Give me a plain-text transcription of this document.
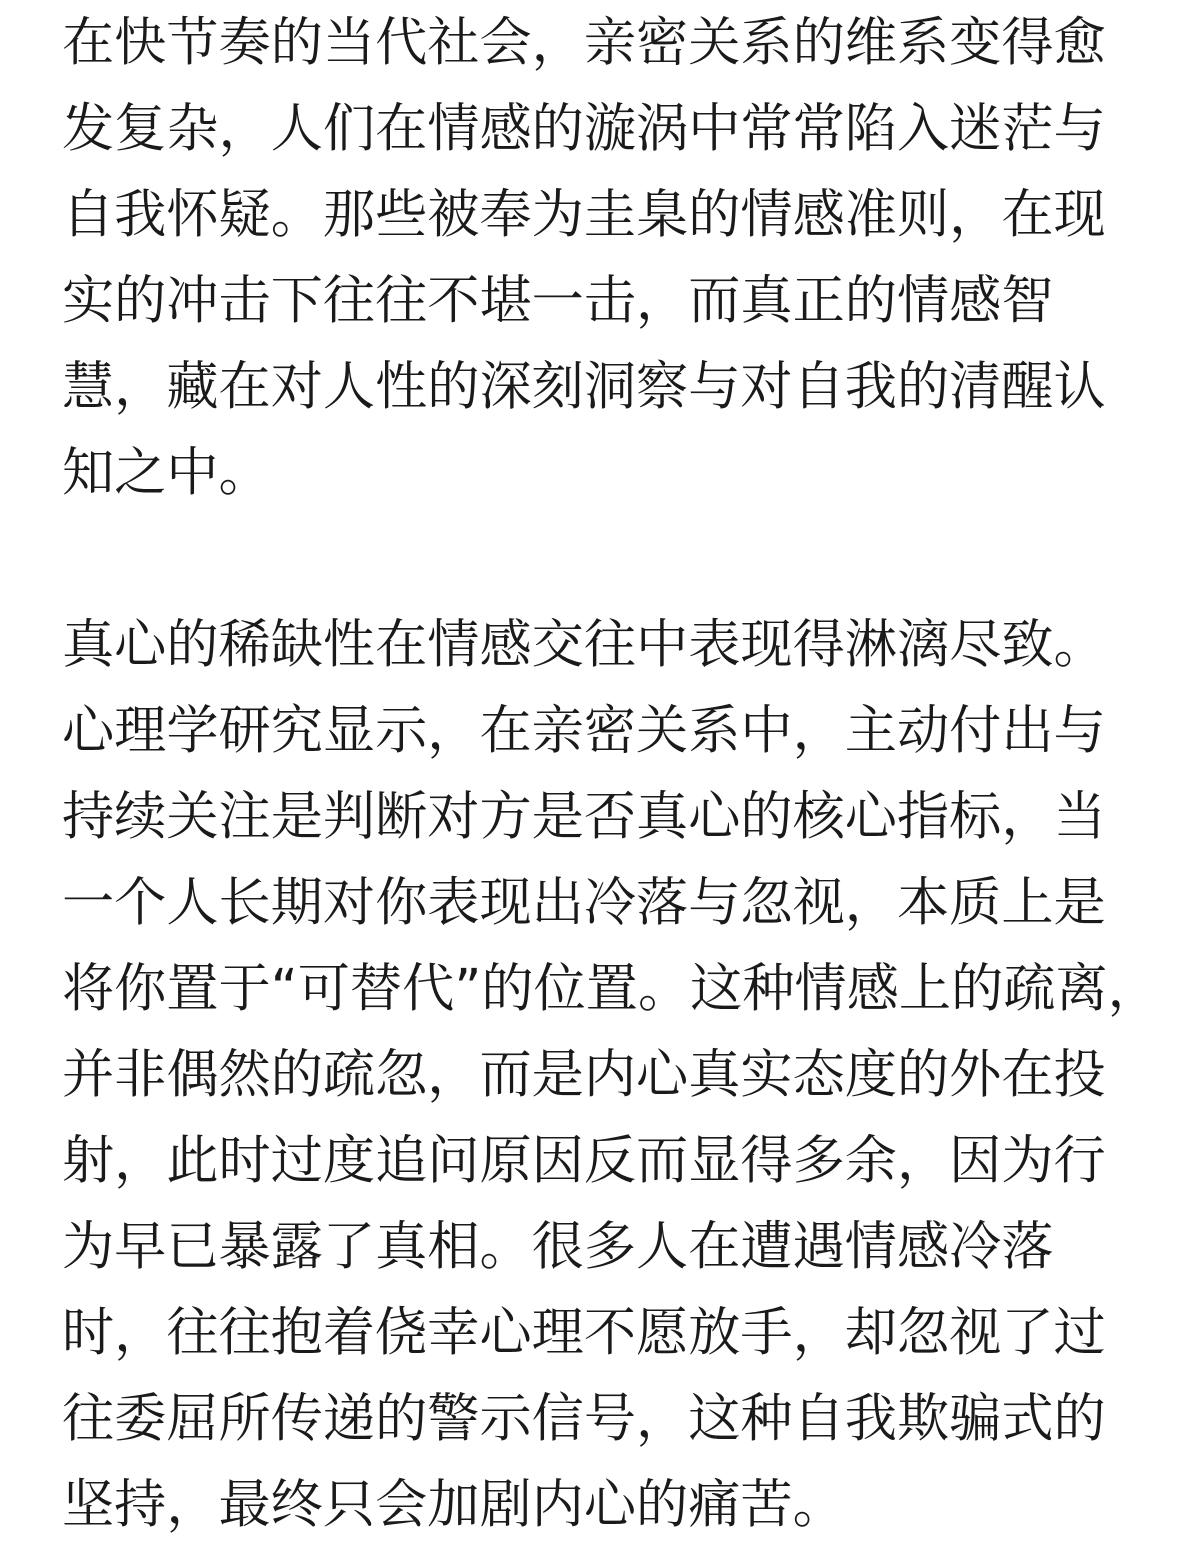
在快节奏的当代社会，亲密关系的维系变得愈
发复杂，人们在情感的漩涡中常常陷入迷茫与
自我怀疑。那些被奉为圭臬的情感准则，在现
实的冲击下往往不堪一击，而真正的情感智
慧，藏在对人性的深刻洞察与对自我的清醒认
知之中。
真心的稀缺性在情感交往中表现得淋漓尽致。
心理学研究显示，在亲密关系中，主动付出与
持续关注是判断对方是否真心的核心指标，当
一个人长期对你表现出冷落与忽视，本质上是
将你置于“可替代”的位置。这种情感上的疏离，
并非偶然的疏忽，而是内心真实态度的外在投
射，此时过度追问原因反而显得多余，因为行
为早已暴露了真相。很多人在遭遇情感冷落
时，往往抱着侥幸心理不愿放手，却忽视了过
往委屈所传递的警示信号，这种自我欺骗式的
坚持，最终只会加剧内心的痛苦。
